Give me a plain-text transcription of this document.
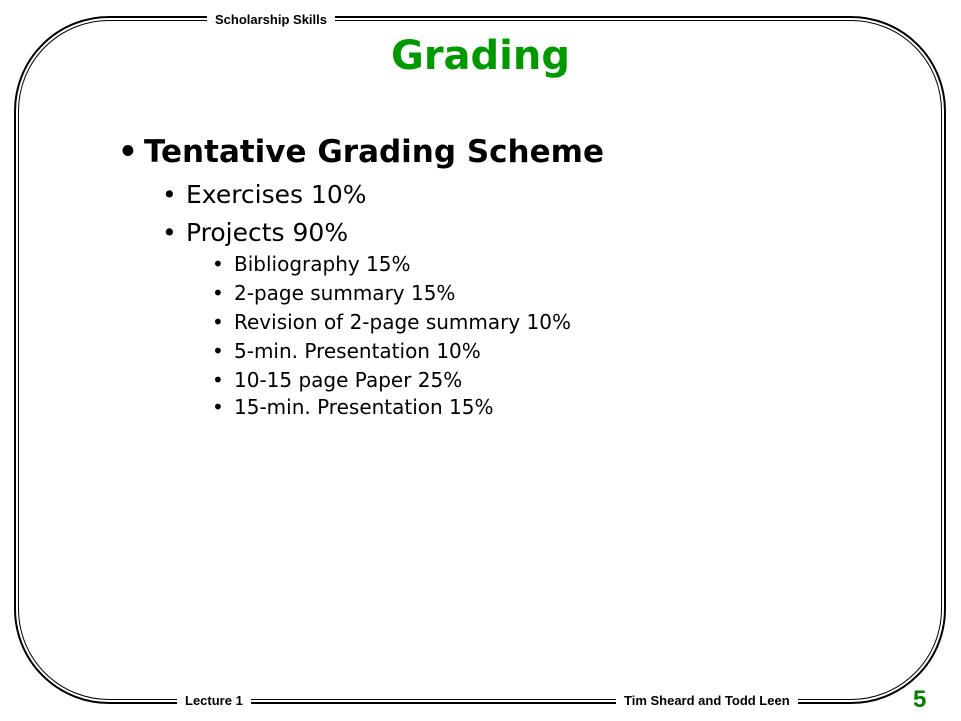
Scholarship Skills
Grading
• Tentative Grading Scheme
• Exercises 10%
• Projects 90%
• Bibliography 15%
• 2-page summary 15%
• Revision of 2-page summary 10%
• 5-min. Presentation 10%
• 10-15 page Paper 25%
• 15-min. Presentation 15%
Lecture 1	Tim Sheard and Todd Leen	5
